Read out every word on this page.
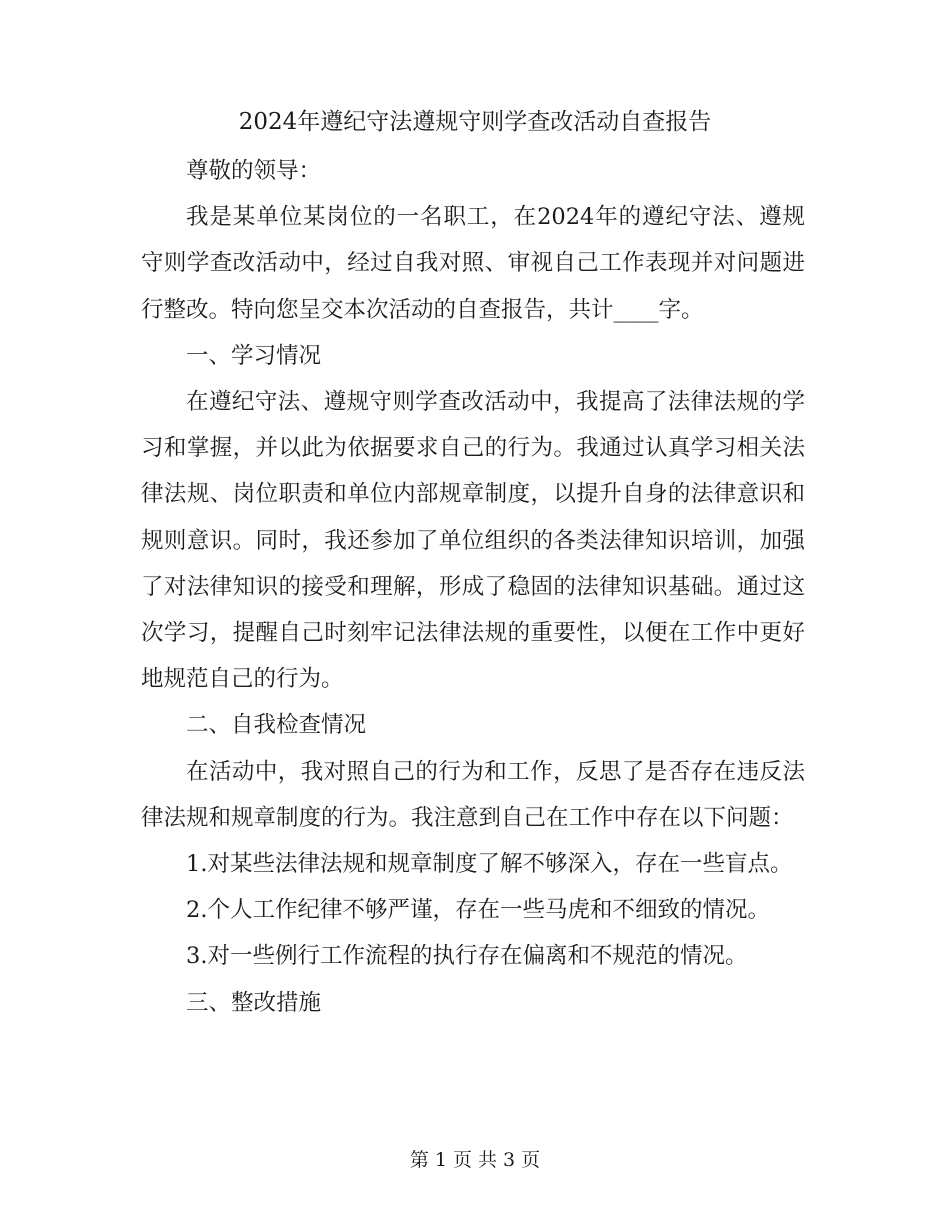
2024年遵纪守法遵规守则学查改活动自查报告

尊敬的领导：

我是某单位某岗位的一名职工，在2024年的遵纪守法、遵规守则学查改活动中，经过自我对照、审视自己工作表现并对问题进行整改。特向您呈交本次活动的自查报告，共计____字。

一、学习情况

在遵纪守法、遵规守则学查改活动中，我提高了法律法规的学习和掌握，并以此为依据要求自己的行为。我通过认真学习相关法律法规、岗位职责和单位内部规章制度，以提升自身的法律意识和规则意识。同时，我还参加了单位组织的各类法律知识培训，加强了对法律知识的接受和理解，形成了稳固的法律知识基础。通过这次学习，提醒自己时刻牢记法律法规的重要性，以便在工作中更好地规范自己的行为。

二、自我检查情况

在活动中，我对照自己的行为和工作，反思了是否存在违反法律法规和规章制度的行为。我注意到自己在工作中存在以下问题：

1.对某些法律法规和规章制度了解不够深入，存在一些盲点。

2.个人工作纪律不够严谨，存在一些马虎和不细致的情况。

3.对一些例行工作流程的执行存在偏离和不规范的情况。

三、整改措施

第 1 页 共 3 页
